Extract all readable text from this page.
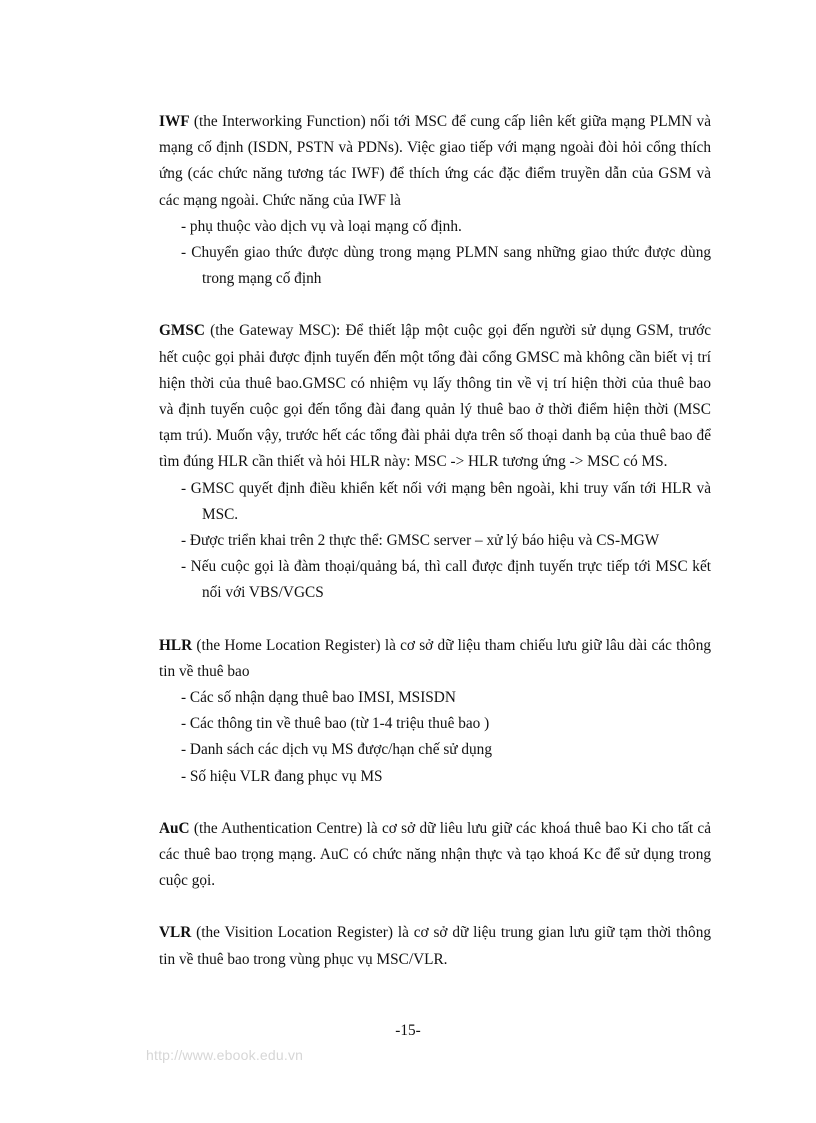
IWF (the Interworking Function) nối tới MSC để cung cấp liên kết giữa mạng PLMN và mạng cố định (ISDN, PSTN và PDNs). Việc giao tiếp với mạng ngoài đòi hỏi cổng thích ứng (các chức năng tương tác IWF) để thích ứng các đặc điểm truyền dẫn của GSM và các mạng ngoài. Chức năng của IWF là

- phụ thuộc vào dịch vụ và loại mạng cố định.
- Chuyển giao thức được dùng trong mạng PLMN sang những giao thức được dùng trong mạng cố định

GMSC (the Gateway MSC): Để thiết lập một cuộc gọi đến người sử dụng GSM, trước hết cuộc gọi phải được định tuyến đến một tổng đài cổng GMSC mà không cần biết vị trí hiện thời của thuê bao.GMSC có nhiệm vụ lấy thông tin về vị trí hiện thời của thuê bao và định tuyến cuộc gọi đến tổng đài đang quản lý thuê bao ở thời điểm hiện thời (MSC tạm trú). Muốn vậy, trước hết các tổng đài phải dựa trên số thoại danh bạ của thuê bao để tìm đúng HLR cần thiết và hỏi HLR này: MSC -> HLR tương ứng -> MSC có MS.

- GMSC quyết định điều khiển kết nối với mạng bên ngoài, khi truy vấn tới HLR và MSC.
- Được triển khai trên 2 thực thể: GMSC server – xử lý báo hiệu và CS-MGW
- Nếu cuộc gọi là đàm thoại/quảng bá, thì call được định tuyến trực tiếp tới MSC kết nối với VBS/VGCS

HLR (the Home Location Register) là cơ sở dữ liệu tham chiếu lưu giữ lâu dài các thông tin về thuê bao

- Các số nhận dạng thuê bao IMSI, MSISDN
- Các thông tin về thuê bao (từ 1-4 triệu thuê bao )
- Danh sách các dịch vụ MS được/hạn chế sử dụng
- Số hiệu VLR đang phục vụ MS

AuC (the Authentication Centre) là cơ sở dữ liêu lưu giữ các khoá thuê bao Ki cho tất cả các thuê bao trọng mạng. AuC có chức năng nhận thực và tạo khoá Kc để sử dụng trong cuộc gọi.

VLR (the Visition Location Register) là cơ sở dữ liệu trung gian lưu giữ tạm thời thông tin về thuê bao trong vùng phục vụ MSC/VLR.

-15-
http://www.ebook.edu.vn
